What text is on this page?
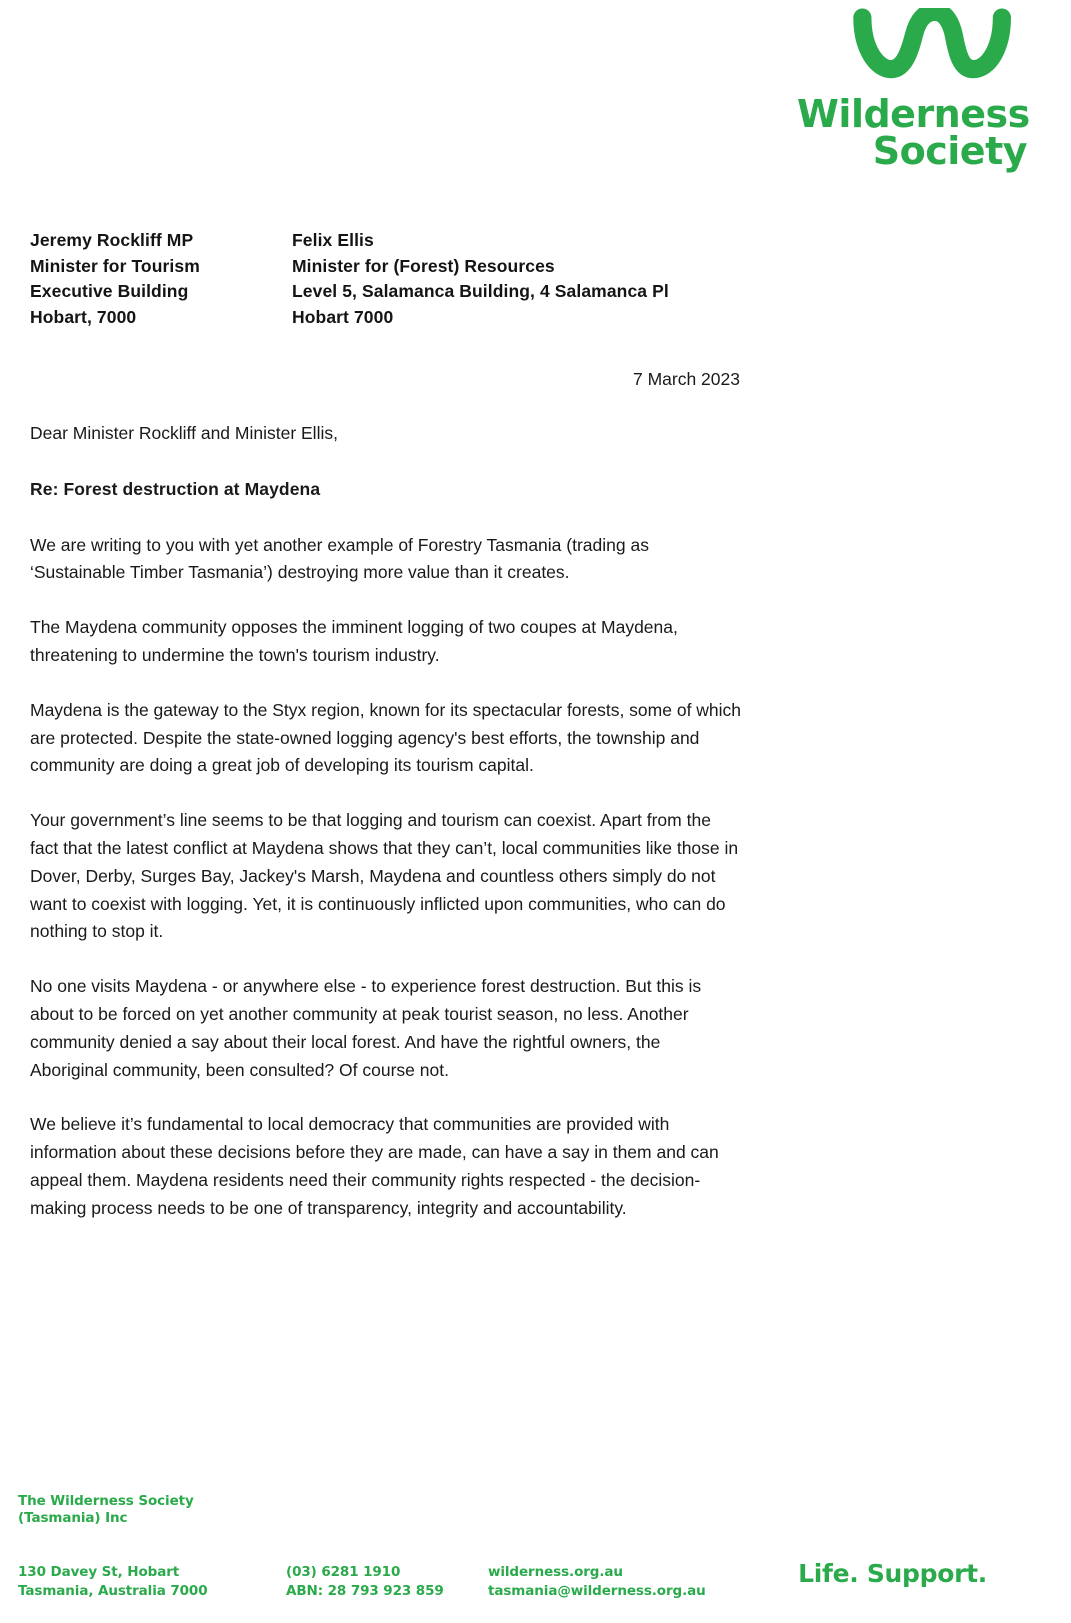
Wilderness
Society
Jeremy Rockliff MP
Minister for Tourism
Executive Building
Hobart, 7000
Felix Ellis
Minister for (Forest) Resources
Level 5, Salamanca Building, 4 Salamanca Pl
Hobart 7000
7 March 2023
Dear Minister Rockliff and Minister Ellis,
Re: Forest destruction at Maydena

We are writing to you with yet another example of Forestry Tasmania (trading as ‘Sustainable Timber Tasmania’) destroying more value than it creates.

The Maydena community opposes the imminent logging of two coupes at Maydena, threatening to undermine the town's tourism industry.

Maydena is the gateway to the Styx region, known for its spectacular forests, some of which are protected. Despite the state-owned logging agency's best efforts, the township and community are doing a great job of developing its tourism capital.

Your government’s line seems to be that logging and tourism can coexist. Apart from the fact that the latest conflict at Maydena shows that they can’t, local communities like those in Dover, Derby, Surges Bay, Jackey's Marsh, Maydena and countless others simply do not want to coexist with logging. Yet, it is continuously inflicted upon communities, who can do nothing to stop it.

No one visits Maydena - or anywhere else - to experience forest destruction. But this is about to be forced on yet another community at peak tourist season, no less. Another community denied a say about their local forest. And have the rightful owners, the Aboriginal community, been consulted? Of course not.

We believe it’s fundamental to local democracy that communities are provided with information about these decisions before they are made, can have a say in them and can appeal them. Maydena residents need their community rights respected - the decision-making process needs to be one of transparency, integrity and accountability.

The Wilderness Society
(Tasmania) Inc
130 Davey St, Hobart
Tasmania, Australia 7000
(03) 6281 1910
ABN: 28 793 923 859
wilderness.org.au
tasmania@wilderness.org.au
Life. Support.
